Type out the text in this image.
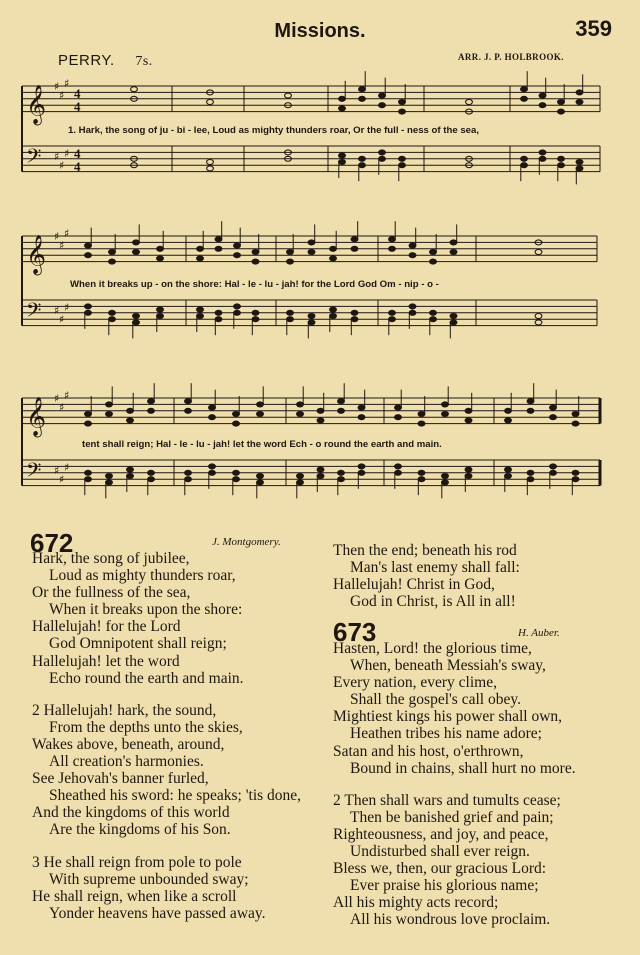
Missions.	359
PERRY. 7s.	ARR. J. P. HOLBROOK.
𝄞 ♯
♯
♯
4
4
𝄢 ♯
♯
♯ 4
4
𝄞 ♯
♯
♯
𝄢 ♯
♯
♯
𝄞 ♯
♯
♯
𝄢 ♯
♯
♯
1. Hark, the song of ju - bi - lee, Loud as mighty thunders roar, Or the full - ness of the sea,
When it breaks up - on the shore: Hal - le - lu - jah! for the Lord God Om - nip - o -
tent shall reign; Hal - le - lu - jah! let the word Ech - o round the earth and main.
672	J. Montgomery.
Hark, the song of jubilee,
Loud as mighty thunders roar,
Or the fullness of the sea,
When it breaks upon the shore:
Hallelujah! for the Lord
God Omnipotent shall reign;
Hallelujah! let the word
Echo round the earth and main.
2 Hallelujah! hark, the sound,
From the depths unto the skies,
Wakes above, beneath, around,
All creation's harmonies.
See Jehovah's banner furled,
Sheathed his sword: he speaks; 'tis done,
And the kingdoms of this world
Are the kingdoms of his Son.
3 He shall reign from pole to pole
With supreme unbounded sway;
He shall reign, when like a scroll
Yonder heavens have passed away.
Then the end; beneath his rod
Man's last enemy shall fall:
Hallelujah! Christ in God,
God in Christ, is All in all!
673	H. Auber.
Hasten, Lord! the glorious time,
When, beneath Messiah's sway,
Every nation, every clime,
Shall the gospel's call obey.
Mightiest kings his power shall own,
Heathen tribes his name adore;
Satan and his host, o'erthrown,
Bound in chains, shall hurt no more.
2 Then shall wars and tumults cease;
Then be banished grief and pain;
Righteousness, and joy, and peace,
Undisturbed shall ever reign.
Bless we, then, our gracious Lord:
Ever praise his glorious name;
All his mighty acts record;
All his wondrous love proclaim.
